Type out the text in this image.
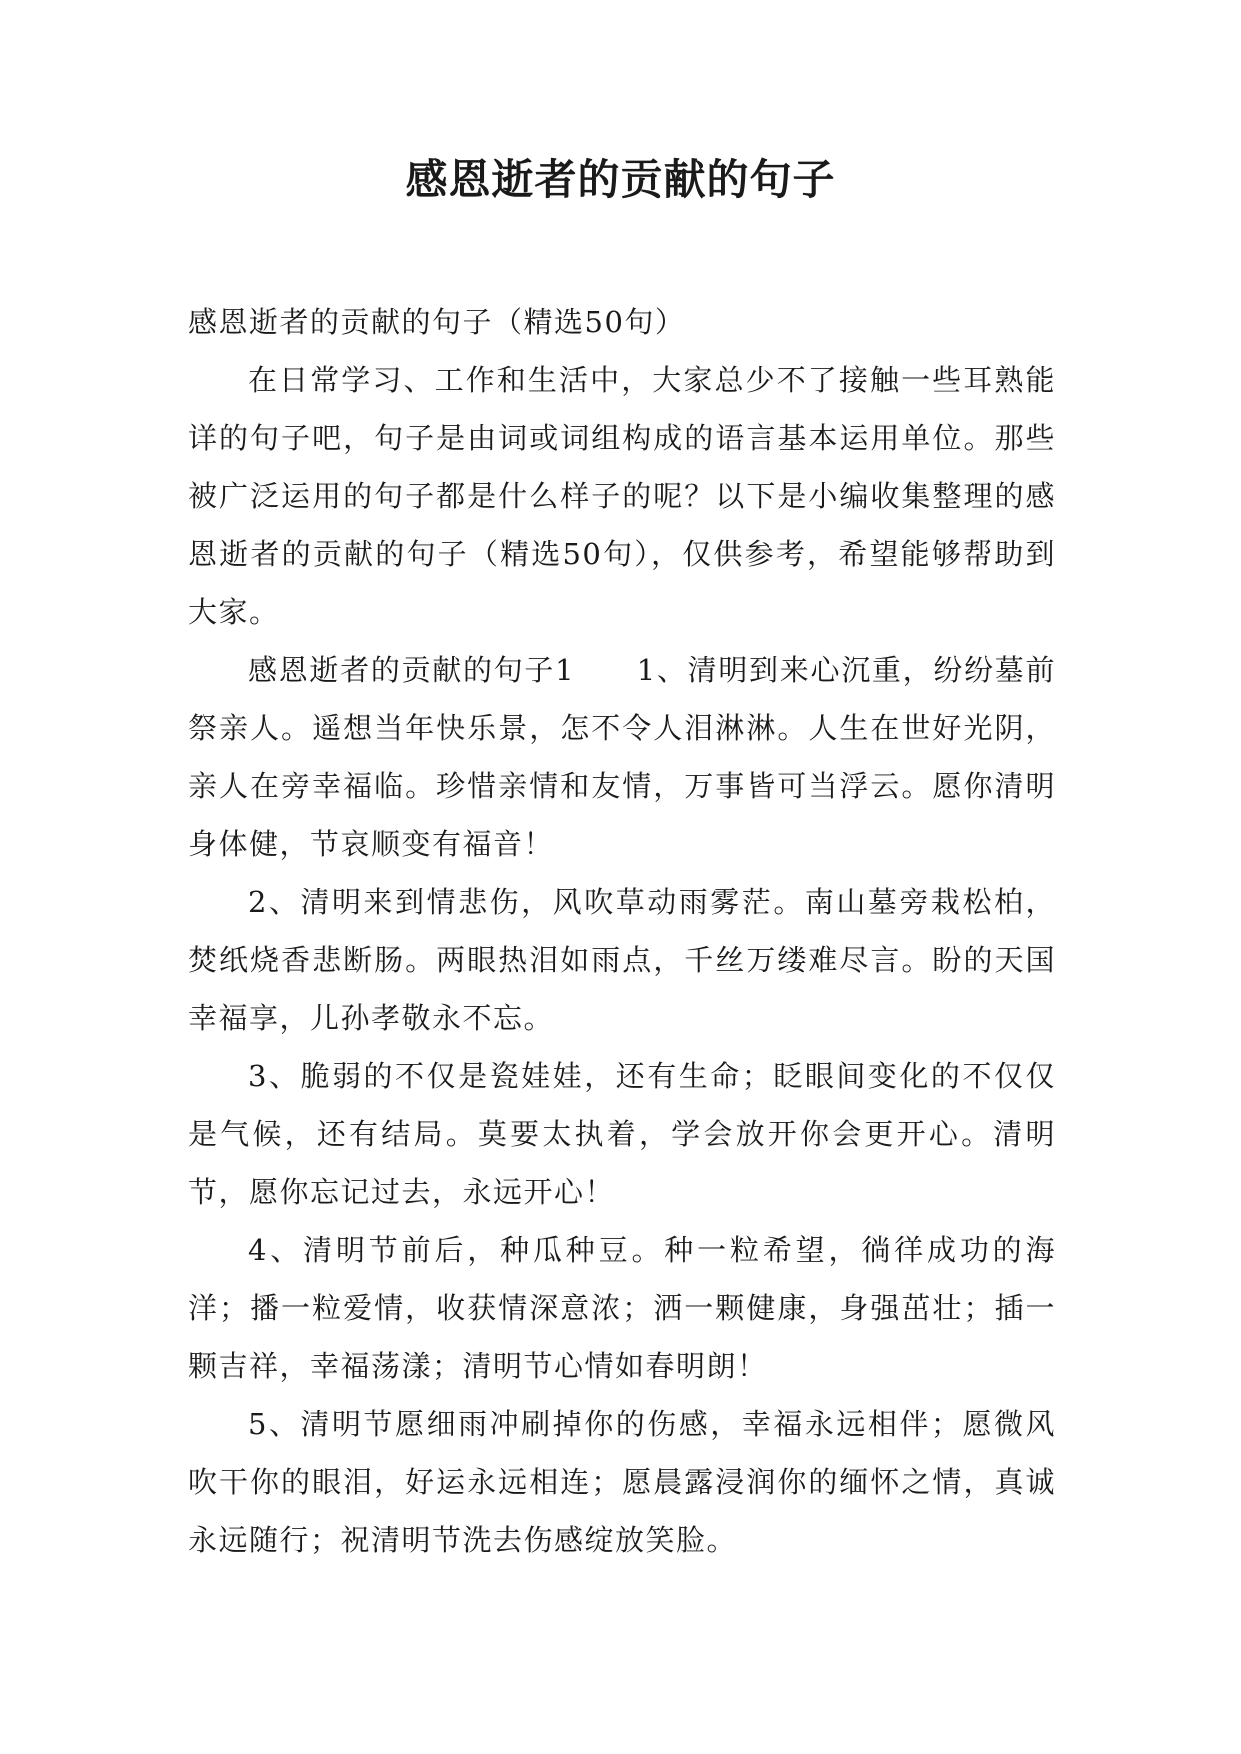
感恩逝者的贡献的句子

感恩逝者的贡献的句子（精选50句）

在日常学习、工作和生活中，大家总少不了接触一些耳熟能详的句子吧，句子是由词或词组构成的语言基本运用单位。那些被广泛运用的句子都是什么样子的呢？以下是小编收集整理的感恩逝者的贡献的句子（精选50句），仅供参考，希望能够帮助到大家。

感恩逝者的贡献的句子1　　1、清明到来心沉重，纷纷墓前祭亲人。遥想当年快乐景，怎不令人泪淋淋。人生在世好光阴，亲人在旁幸福临。珍惜亲情和友情，万事皆可当浮云。愿你清明身体健，节哀顺变有福音！

2、清明来到情悲伤，风吹草动雨雾茫。南山墓旁栽松柏，焚纸烧香悲断肠。两眼热泪如雨点，千丝万缕难尽言。盼的天国幸福享，儿孙孝敬永不忘。

3、脆弱的不仅是瓷娃娃，还有生命；眨眼间变化的不仅仅是气候，还有结局。莫要太执着，学会放开你会更开心。清明节，愿你忘记过去，永远开心！

4、清明节前后，种瓜种豆。种一粒希望，徜徉成功的海洋；播一粒爱情，收获情深意浓；洒一颗健康，身强茁壮；插一颗吉祥，幸福荡漾；清明节心情如春明朗！

5、清明节愿细雨冲刷掉你的伤感，幸福永远相伴；愿微风吹干你的眼泪，好运永远相连；愿晨露浸润你的缅怀之情，真诚永远随行；祝清明节洗去伤感绽放笑脸。
